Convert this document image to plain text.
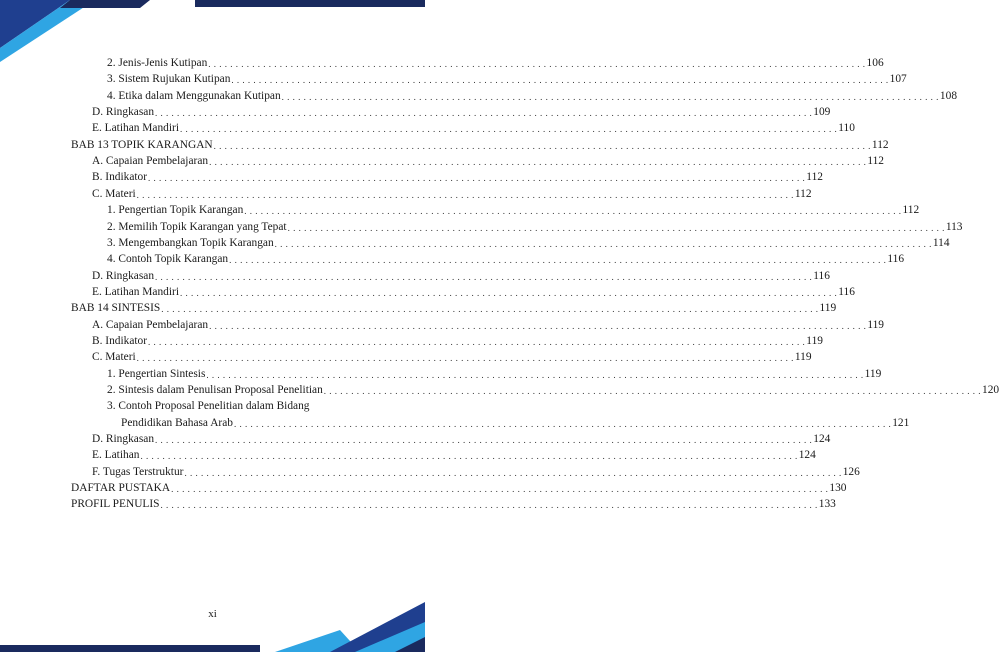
2. Jenis-Jenis Kutipan . . . . . . . . . . . . . . . . . . . . . . . . . . . . . . . . . . . . . . . . . . . . . . . . . . . . . . . . . . . . . . . . . . . . . . . . . . . . . . . . . . . . . . . . . . . . . . . . . . . . . . . . . . . . . . . . . . . . . . . . 106
3. Sistem Rujukan Kutipan . . . . . . . . . . . . . . . . . . . . . . . . . . . . . . . . . . . . . . . . . . . . . . . . . . . . . . . . . . . . . . . . . . . . . . . . . . . . . . . . . . . . . . . . . . . . . . . . . . . . . . . . . . . . . . . . . . . . . . . . 107
4. Etika dalam Menggunakan Kutipan . . . . . . . . . . . . . . . . . . . . . . . . . . . . . . . . . . . . . . . . . . . . . . . . . . . . . . . . . . . . . . . . . . . . . . . . . . . . . . . . . . . . . . . . . . . . . . . . . . . . . . . . . . . . . . . . . . . . . . . . 108
D. Ringkasan . . . . . . . . . . . . . . . . . . . . . . . . . . . . . . . . . . . . . . . . . . . . . . . . . . . . . . . . . . . . . . . . . . . . . . . . . . . . . . . . . . . . . . . . . . . . . . . . . . . . . . . . . . . . . . . . . . . . . . . . 109
E. Latihan Mandiri . . . . . . . . . . . . . . . . . . . . . . . . . . . . . . . . . . . . . . . . . . . . . . . . . . . . . . . . . . . . . . . . . . . . . . . . . . . . . . . . . . . . . . . . . . . . . . . . . . . . . . . . . . . . . . . . . . . . . . . . 110
BAB 13 TOPIK KARANGAN . . . . . . . . . . . . . . . . . . . . . . . . . . . . . . . . . . . . . . . . . . . . . . . . . . . . . . . . . . . . . . . . . . . . . . . . . . . . . . . . . . . . . . . . . . . . . . . . . . . . . . . . . . . . . . . . . . . . . . . . 112
A. Capaian Pembelajaran . . . . . . . . . . . . . . . . . . . . . . . . . . . . . . . . . . . . . . . . . . . . . . . . . . . . . . . . . . . . . . . . . . . . . . . . . . . . . . . . . . . . . . . . . . . . . . . . . . . . . . . . . . . . . . . . . . . . . . . . 112
B. Indikator . . . . . . . . . . . . . . . . . . . . . . . . . . . . . . . . . . . . . . . . . . . . . . . . . . . . . . . . . . . . . . . . . . . . . . . . . . . . . . . . . . . . . . . . . . . . . . . . . . . . . . . . . . . . . . . . . . . . . . . . 112
C. Materi . . . . . . . . . . . . . . . . . . . . . . . . . . . . . . . . . . . . . . . . . . . . . . . . . . . . . . . . . . . . . . . . . . . . . . . . . . . . . . . . . . . . . . . . . . . . . . . . . . . . . . . . . . . . . . . . . . . . . . . . 112
1. Pengertian Topik Karangan . . . . . . . . . . . . . . . . . . . . . . . . . . . . . . . . . . . . . . . . . . . . . . . . . . . . . . . . . . . . . . . . . . . . . . . . . . . . . . . . . . . . . . . . . . . . . . . . . . . . . . . . . . . . . . . . . . . . . . . . 112
2. Memilih Topik Karangan yang Tepat . . . . . . . . . . . . . . . . . . . . . . . . . . . . . . . . . . . . . . . . . . . . . . . . . . . . . . . . . . . . . . . . . . . . . . . . . . . . . . . . . . . . . . . . . . . . . . . . . . . . . . . . . . . . . . . . . . . . . . . . 113
3. Mengembangkan Topik Karangan . . . . . . . . . . . . . . . . . . . . . . . . . . . . . . . . . . . . . . . . . . . . . . . . . . . . . . . . . . . . . . . . . . . . . . . . . . . . . . . . . . . . . . . . . . . . . . . . . . . . . . . . . . . . . . . . . . . . . . . . 114
4. Contoh Topik Karangan . . . . . . . . . . . . . . . . . . . . . . . . . . . . . . . . . . . . . . . . . . . . . . . . . . . . . . . . . . . . . . . . . . . . . . . . . . . . . . . . . . . . . . . . . . . . . . . . . . . . . . . . . . . . . . . . . . . . . . . . 116
D. Ringkasan . . . . . . . . . . . . . . . . . . . . . . . . . . . . . . . . . . . . . . . . . . . . . . . . . . . . . . . . . . . . . . . . . . . . . . . . . . . . . . . . . . . . . . . . . . . . . . . . . . . . . . . . . . . . . . . . . . . . . . . . 116
E. Latihan Mandiri . . . . . . . . . . . . . . . . . . . . . . . . . . . . . . . . . . . . . . . . . . . . . . . . . . . . . . . . . . . . . . . . . . . . . . . . . . . . . . . . . . . . . . . . . . . . . . . . . . . . . . . . . . . . . . . . . . . . . . . . 116
BAB 14 SINTESIS . . . . . . . . . . . . . . . . . . . . . . . . . . . . . . . . . . . . . . . . . . . . . . . . . . . . . . . . . . . . . . . . . . . . . . . . . . . . . . . . . . . . . . . . . . . . . . . . . . . . . . . . . . . . . . . . . . . . . . . . 119
A. Capaian Pembelajaran . . . . . . . . . . . . . . . . . . . . . . . . . . . . . . . . . . . . . . . . . . . . . . . . . . . . . . . . . . . . . . . . . . . . . . . . . . . . . . . . . . . . . . . . . . . . . . . . . . . . . . . . . . . . . . . . . . . . . . . . 119
B. Indikator . . . . . . . . . . . . . . . . . . . . . . . . . . . . . . . . . . . . . . . . . . . . . . . . . . . . . . . . . . . . . . . . . . . . . . . . . . . . . . . . . . . . . . . . . . . . . . . . . . . . . . . . . . . . . . . . . . . . . . . . 119
C. Materi . . . . . . . . . . . . . . . . . . . . . . . . . . . . . . . . . . . . . . . . . . . . . . . . . . . . . . . . . . . . . . . . . . . . . . . . . . . . . . . . . . . . . . . . . . . . . . . . . . . . . . . . . . . . . . . . . . . . . . . . 119
1. Pengertian Sintesis . . . . . . . . . . . . . . . . . . . . . . . . . . . . . . . . . . . . . . . . . . . . . . . . . . . . . . . . . . . . . . . . . . . . . . . . . . . . . . . . . . . . . . . . . . . . . . . . . . . . . . . . . . . . . . . . . . . . . . . . 119
2. Sintesis dalam Penulisan Proposal Penelitian . . . . . . . . . . . . . . . . . . . . . . . . . . . . . . . . . . . . . . . . . . . . . . . . . . . . . . . . . . . . . . . . . . . . . . . . . . . . . . . . . . . . . . . . . . . . . . . . . . . . . . . . . . . . . . . . . . . . . . . . 120
3. Contoh Proposal Penelitian dalam Bidang
Pendidikan Bahasa Arab . . . . . . . . . . . . . . . . . . . . . . . . . . . . . . . . . . . . . . . . . . . . . . . . . . . . . . . . . . . . . . . . . . . . . . . . . . . . . . . . . . . . . . . . . . . . . . . . . . . . . . . . . . . . . . . . . . . . . . . . 121
D. Ringkasan . . . . . . . . . . . . . . . . . . . . . . . . . . . . . . . . . . . . . . . . . . . . . . . . . . . . . . . . . . . . . . . . . . . . . . . . . . . . . . . . . . . . . . . . . . . . . . . . . . . . . . . . . . . . . . . . . . . . . . . . 124
E. Latihan . . . . . . . . . . . . . . . . . . . . . . . . . . . . . . . . . . . . . . . . . . . . . . . . . . . . . . . . . . . . . . . . . . . . . . . . . . . . . . . . . . . . . . . . . . . . . . . . . . . . . . . . . . . . . . . . . . . . . . . . 124
F. Tugas Terstruktur . . . . . . . . . . . . . . . . . . . . . . . . . . . . . . . . . . . . . . . . . . . . . . . . . . . . . . . . . . . . . . . . . . . . . . . . . . . . . . . . . . . . . . . . . . . . . . . . . . . . . . . . . . . . . . . . . . . . . . . . 126
DAFTAR PUSTAKA . . . . . . . . . . . . . . . . . . . . . . . . . . . . . . . . . . . . . . . . . . . . . . . . . . . . . . . . . . . . . . . . . . . . . . . . . . . . . . . . . . . . . . . . . . . . . . . . . . . . . . . . . . . . . . . . . . . . . . . . 130
PROFIL PENULIS . . . . . . . . . . . . . . . . . . . . . . . . . . . . . . . . . . . . . . . . . . . . . . . . . . . . . . . . . . . . . . . . . . . . . . . . . . . . . . . . . . . . . . . . . . . . . . . . . . . . . . . . . . . . . . . . . . . . . . . . 133
xi
